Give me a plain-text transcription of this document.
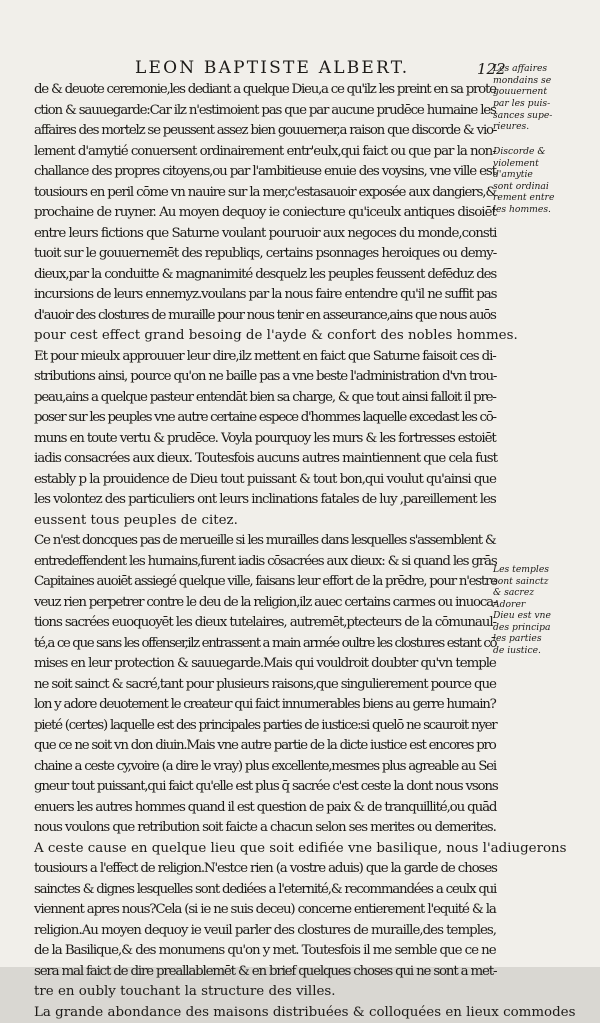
LEON BAPTISTE ALBERT.	122
de & deuote ceremonie,les dediant a quelque Dieu,a ce qu'ilz les preint en sa prote
ction & sauuegarde:Car ilz n'estimoient pas que par aucune prudēce humaine les
affaires des mortelz se peussent assez bien gouuerner,a raison que discorde & vio-
lement d'amytié conuersent ordinairement entr'eulx,qui faict ou que par la non-
challance des propres citoyens,ou par l'ambitieuse enuie des voysins, vne ville est
tousiours en peril cōme vn nauire sur la mer,c'estasauoir exposée aux dangiers,&
prochaine de ruyner. Au moyen dequoy ie coniecture qu'iceulx antiques disoiēt
entre leurs fictions que Saturne voulant pouruoir aux negoces du monde,consti
tuoit sur le gouuernemēt des republiqs, certains psonnages heroiques ou demy-
dieux,par la conduitte & magnanimité desquelz les peuples feussent defēduz des
incursions de leurs ennemyz.voulans par la nous faire entendre qu'il ne suffit pas
d'auoir des clostures de muraille pour nous tenir en asseurance,ains que nous auōs
pour cest effect grand besoing de l'ayde & confort des nobles hommes.
Et pour mieulx approuuer leur dire,ilz mettent en faict que Saturne faisoit ces di-
stributions ainsi, pource qu'on ne baille pas a vne beste l'administration d'vn trou-
peau,ains a quelque pasteur entendāt bien sa charge, & que tout ainsi falloit il pre-
poser sur les peuples vne autre certaine espece d'hommes laquelle excedast les cō-
muns en toute vertu & prudēce. Voyla pourquoy les murs & les fortresses estoiēt
iadis consacrées aux dieux. Toutesfois aucuns autres maintiennent que cela fust
estably p la prouidence de Dieu tout puissant & tout bon,qui voulut qu'ainsi que
les volontez des particuliers ont leurs inclinations fatales de luy ,pareillement les
eussent tous peuples de citez.
Ce n'est doncques pas de merueille si les murailles dans lesquelles s'assemblent &
entredeffendent les humains,furent iadis cōsacrées aux dieux: & si quand les grās
Capitaines auoiēt assiegé quelque ville, faisans leur effort de la prēdre, pour n'estre
veuz rien perpetrer contre le deu de la religion,ilz auec certains carmes ou inuoca-
tions sacrées euoquoyēt les dieux tutelaires, autremēt,ptecteurs de la cōmunaul-
té,a ce que sans les offenser,ilz entrassent a main armée oultre les clostures estant cō
mises en leur protection & sauuegarde.Mais qui vouldroit doubter qu'vn temple
ne soit sainct & sacré,tant pour plusieurs raisons,que singulierement pource que
lon y adore deuotement le createur qui faict innumerables biens au gerre humain?
pieté (certes) laquelle est des principales parties de iustice:si quelō ne scauroit nyer
que ce ne soit vn don diuin.Mais vne autre partie de la dicte iustice est encores pro
chaine a ceste cy,voire (a dire le vray) plus excellente,mesmes plus agreable au Sei
gneur tout puissant,qui faict qu'elle est plus q̄ sacrée c'est ceste la dont nous vsons
enuers les autres hommes quand il est question de paix & de tranquillité,ou quād
nous voulons que retribution soit faicte a chacun selon ses merites ou demerites.
A ceste cause en quelque lieu que soit edifiée vne basilique, nous l'adiugerons
tousiours a l'effect de religion.N'estce rien (a vostre aduis) que la garde de choses
sainctes & dignes lesquelles sont dediées a l'eternité,& recommandées a ceulx qui
viennent apres nous?Cela (si ie ne suis deceu) concerne entierement l'equité & la
religion.Au moyen dequoy ie veuil parler des clostures de muraille,des temples,
de la Basilique,& des monumens qu'on y met. Toutesfois il me semble que ce ne
sera mal faict de dire preallablemēt & en brief quelques choses qui ne sont a met-
tre en oubly touchant la structure des villes.
La grande abondance des maisons distribuées & colloquées en lieux commodes
Les affaires
mondains se
gouuernent
par les puis-
sances supe-
rieures.
Discorde &
violement
d'amytie
sont ordinai
rement entre
les hommes.
Les temples
sont sainctz
& sacrez
Adorer
Dieu est vne
des principa
les parties
de iustice.
